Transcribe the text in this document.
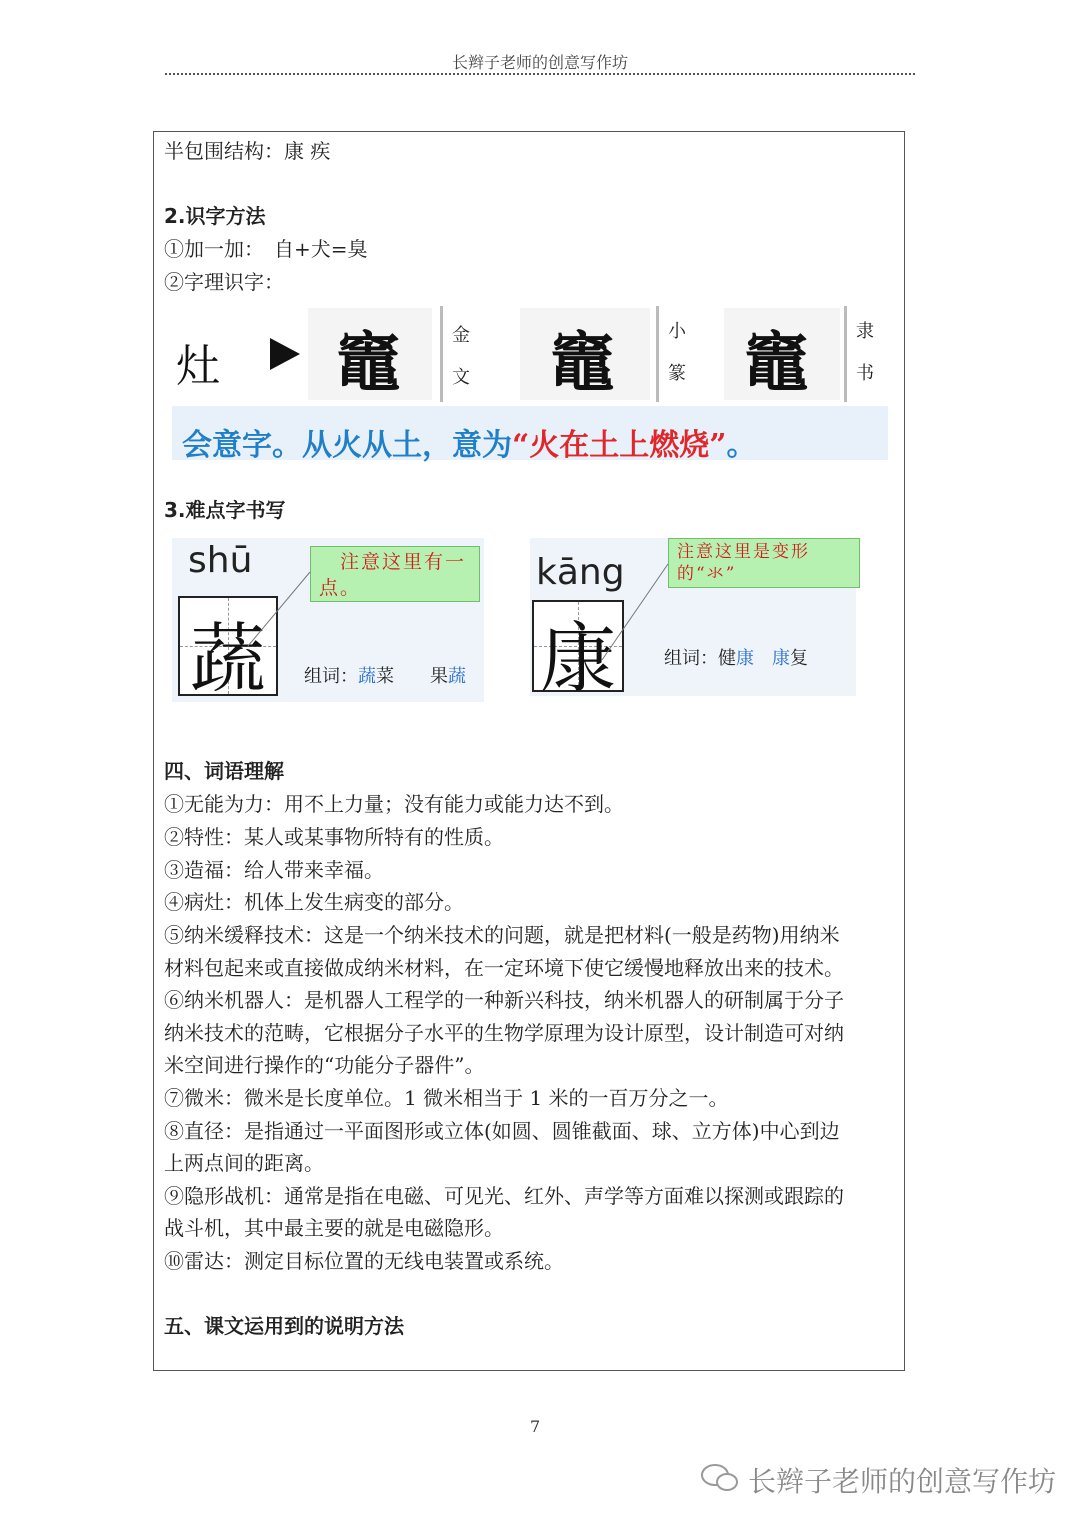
长辫子老师的创意写作坊
半包围结构：康 疾
2.识字方法
①加一加：　自+犬=臭
②字理识字：
灶 竈	金
文 竈	小
篆 竈	隶
书
会意字。从火从土，意为“火在土上燃烧”。
3.难点字书写
shū
蔬
　注意这里有一点。
组词：蔬菜　　 果蔬
kāng
康
注意这里是变形的“氺”
组词：健康　 康复
四、词语理解
①无能为力：用不上力量；没有能力或能力达不到。
②特性：某人或某事物所特有的性质。
③造福：给人带来幸福。
④病灶：机体上发生病变的部分。
⑤纳米缓释技术：这是一个纳米技术的问题，就是把材料(一般是药物)用纳米
材料包起来或直接做成纳米材料，在一定环境下使它缓慢地释放出来的技术。
⑥纳米机器人：是机器人工程学的一种新兴科技，纳米机器人的研制属于分子
纳米技术的范畴，它根据分子水平的生物学原理为设计原型，设计制造可对纳
米空间进行操作的“功能分子器件”。
⑦微米：微米是长度单位。1 微米相当于 1 米的一百万分之一。
⑧直径：是指通过一平面图形或立体(如圆、圆锥截面、球、立方体)中心到边
上两点间的距离。
⑨隐形战机：通常是指在电磁、可见光、红外、声学等方面难以探测或跟踪的
战斗机，其中最主要的就是电磁隐形。
⑩雷达：测定目标位置的无线电装置或系统。
五、课文运用到的说明方法
7
长辫子老师的创意写作坊
